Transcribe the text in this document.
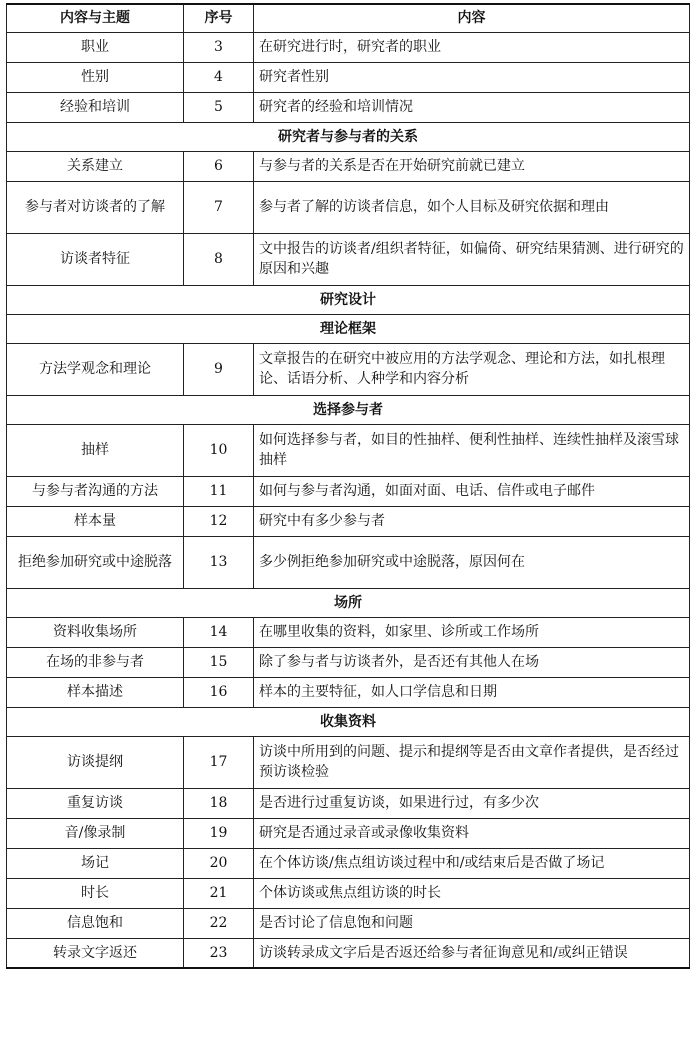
内容与主题	序号	内容
职业	3	在研究进行时，研究者的职业
性别	4	研究者性别
经验和培训	5	研究者的经验和培训情况
研究者与参与者的关系		
关系建立	6	与参与者的关系是否在开始研究前就已建立
参与者对访谈者的了解	7	参与者了解的访谈者信息，如个人目标及研究依据和理由
访谈者特征	8	文中报告的访谈者/组织者特征，如偏倚、研究结果猜测、进行研究的原因和兴趣
研究设计		
理论框架		
方法学观念和理论	9	文章报告的在研究中被应用的方法学观念、理论和方法，如扎根理论、话语分析、人种学和内容分析
选择参与者		
抽样	10	如何选择参与者，如目的性抽样、便利性抽样、连续性抽样及滚雪球抽样
与参与者沟通的方法	11	如何与参与者沟通，如面对面、电话、信件或电子邮件
样本量	12	研究中有多少参与者
拒绝参加研究或中途脱落	13	多少例拒绝参加研究或中途脱落，原因何在
场所		
资料收集场所	14	在哪里收集的资料，如家里、诊所或工作场所
在场的非参与者	15	除了参与者与访谈者外，是否还有其他人在场
样本描述	16	样本的主要特征，如人口学信息和日期
收集资料		
访谈提纲	17	访谈中所用到的问题、提示和提纲等是否由文章作者提供，是否经过预访谈检验
重复访谈	18	是否进行过重复访谈，如果进行过，有多少次
音/像录制	19	研究是否通过录音或录像收集资料
场记	20	在个体访谈/焦点组访谈过程中和/或结束后是否做了场记
时长	21	个体访谈或焦点组访谈的时长
信息饱和	22	是否讨论了信息饱和问题
转录文字返还	23	访谈转录成文字后是否返还给参与者征询意见和/或纠正错误
